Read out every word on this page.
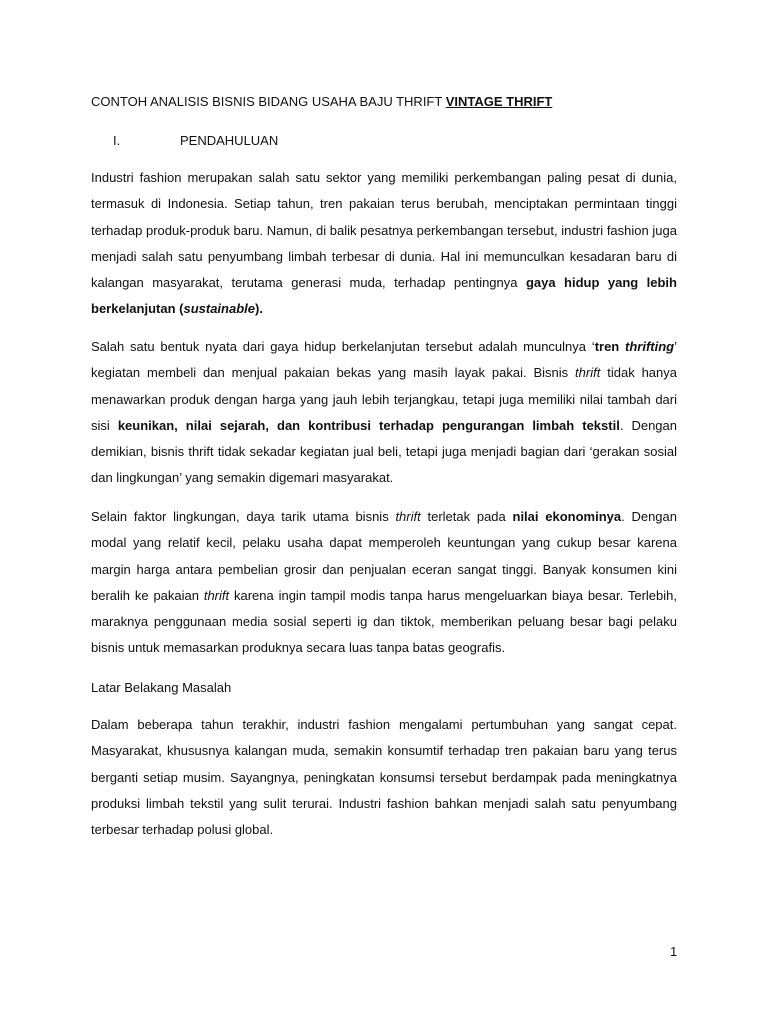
CONTOH ANALISIS BISNIS BIDANG USAHA BAJU THRIFT VINTAGE THRIFT
I.	PENDAHULUAN

Industri fashion merupakan salah satu sektor yang memiliki perkembangan paling pesat di dunia, termasuk di Indonesia. Setiap tahun, tren pakaian terus berubah, menciptakan permintaan tinggi terhadap produk-produk baru. Namun, di balik pesatnya perkembangan tersebut, industri fashion juga menjadi salah satu penyumbang limbah terbesar di dunia. Hal ini memunculkan kesadaran baru di kalangan masyarakat, terutama generasi muda, terhadap pentingnya gaya hidup yang lebih berkelanjutan (sustainable).

Salah satu bentuk nyata dari gaya hidup berkelanjutan tersebut adalah munculnya ‘tren thrifting’ kegiatan membeli dan menjual pakaian bekas yang masih layak pakai. Bisnis thrift tidak hanya menawarkan produk dengan harga yang jauh lebih terjangkau, tetapi juga memiliki nilai tambah dari sisi keunikan, nilai sejarah, dan kontribusi terhadap pengurangan limbah tekstil. Dengan demikian, bisnis thrift tidak sekadar kegiatan jual beli, tetapi juga menjadi bagian dari ‘gerakan sosial dan lingkungan’ yang semakin digemari masyarakat.

Selain faktor lingkungan, daya tarik utama bisnis thrift terletak pada nilai ekonominya. Dengan modal yang relatif kecil, pelaku usaha dapat memperoleh keuntungan yang cukup besar karena margin harga antara pembelian grosir dan penjualan eceran sangat tinggi. Banyak konsumen kini beralih ke pakaian thrift karena ingin tampil modis tanpa harus mengeluarkan biaya besar. Terlebih, maraknya penggunaan media sosial seperti ig dan tiktok, memberikan peluang besar bagi pelaku bisnis untuk memasarkan produknya secara luas tanpa batas geografis.

Latar Belakang Masalah

Dalam beberapa tahun terakhir, industri fashion mengalami pertumbuhan yang sangat cepat. Masyarakat, khususnya kalangan muda, semakin konsumtif terhadap tren pakaian baru yang terus berganti setiap musim. Sayangnya, peningkatan konsumsi tersebut berdampak pada meningkatnya produksi limbah tekstil yang sulit terurai. Industri fashion bahkan menjadi salah satu penyumbang terbesar terhadap polusi global.

1
